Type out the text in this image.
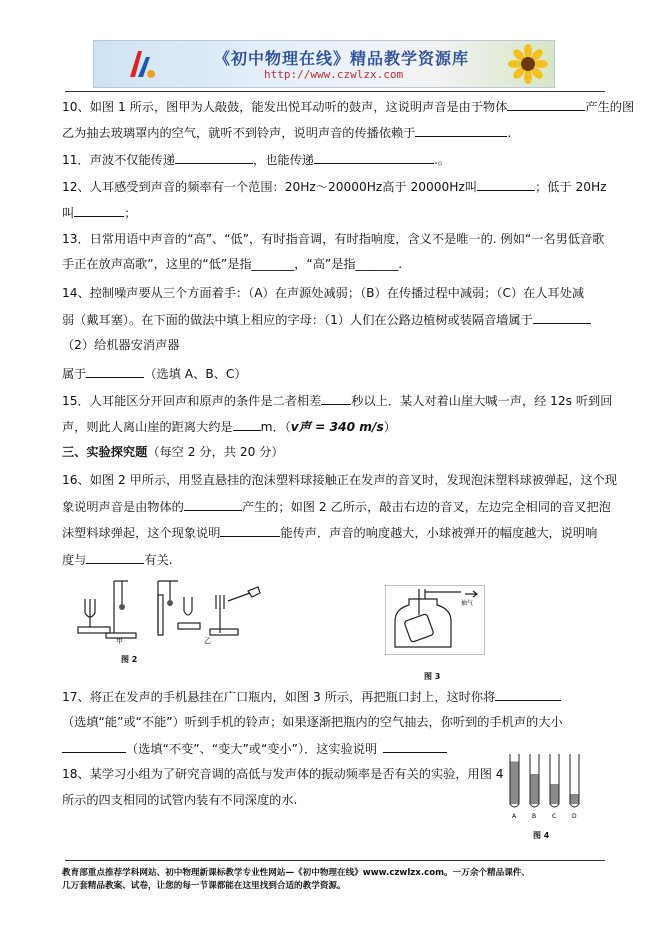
《初中物理在线》精品教学资源库
http://www.czwlzx.com
10、如图 1 所示，图甲为人敲鼓，能发出悦耳动听的鼓声，这说明声音是由于物体	产生的图
乙为抽去玻璃罩内的空气，就听不到铃声，说明声音的传播依赖于	.
11．声波不仅能传递	，也能传递	.。
12、人耳感受到声音的频率有一个范围：20Hz～20000Hz高于 20000Hz叫	；低于 20Hz
叫	；
13．日常用语中声音的“高”、“低”，有时指音调，有时指响度，含义不是唯一的. 例如“一名男低音歌
手正在放声高歌”，这里的“低”是指_______，“高”是指_______.
14、控制噪声要从三个方面着手：（A）在声源处减弱；（B）在传播过程中减弱；（C）在人耳处减
弱（戴耳塞）。在下面的做法中填上相应的字母：（1）人们在公路边植树或装隔音墙属于
（2）给机器安消声器
属于	（选填 A、B、C）
15．人耳能区分开回声和原声的条件是二者相差 秒以上．某人对着山崖大喊一声，经 12s 听到回
声，则此人离山崖的距离大约是 m．（v声 = 340 m/s）
三、实验探究题（每空 2 分，共 20 分）
16、如图 2 甲所示，用竖直悬挂的泡沫塑料球接触正在发声的音叉时，发现泡沫塑料球被弹起，这个现
象说明声音是由物体的	产生的；如图 2 乙所示，敲击右边的音叉，左边完全相同的音叉把泡
沫塑料球弹起，这个现象说明	能传声．声音的响度越大，小球被弹开的幅度越大，说明响
度与	有关.
甲	乙
图 2
抽气
图 3
17、将正在发声的手机悬挂在广口瓶内，如图 3 所示，再把瓶口封上，这时你将
（选填“能”或“不能”）听到手机的铃声；如果逐渐把瓶内的空气抽去，你听到的手机声的大小
（选填“不变”、“变大”或“变小”）．这实验说明
18、某学习小组为了研究音调的高低与发声体的振动频率是否有关的实验，用图 4
所示的四支相同的试管内装有不同深度的水.
A	B	C	D
图 4
教育部重点推荐学科网站、初中物理新课标教学专业性网站—《初中物理在线》www.czwlzx.com。一万余个精品课件、
几万套精品教案、试卷，让您的每一节课都能在这里找到合适的教学资源。
